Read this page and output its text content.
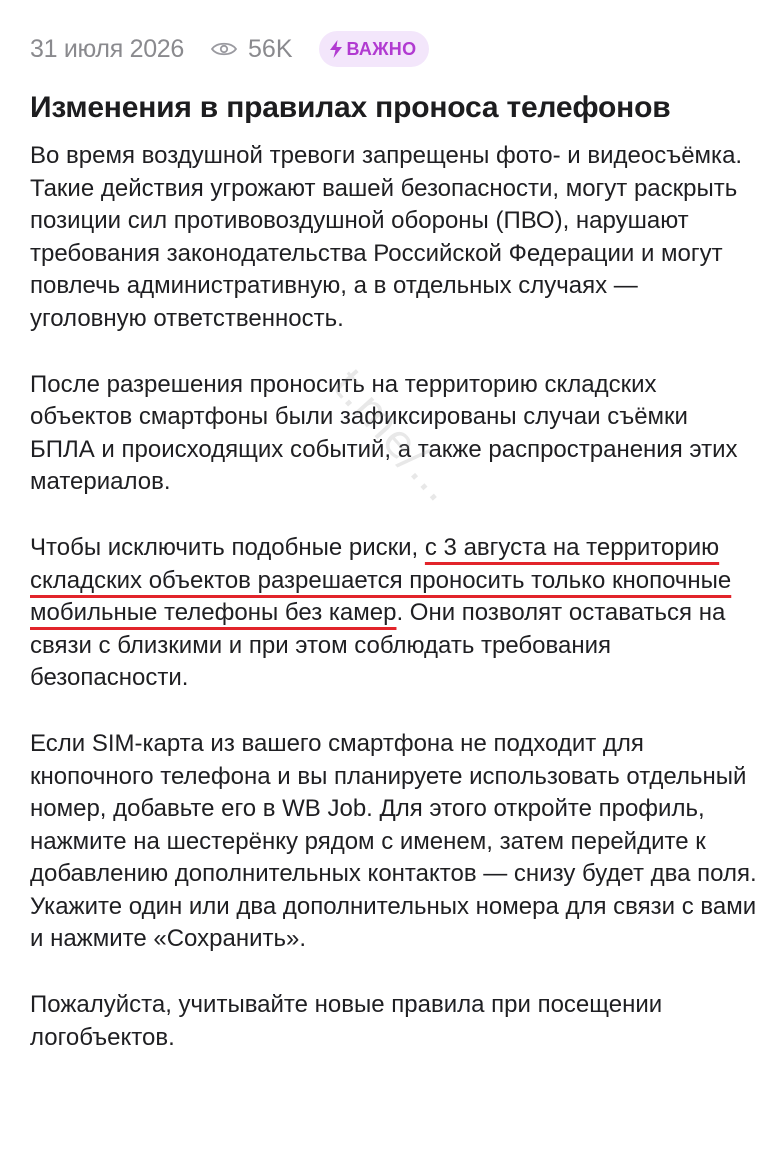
31 июля 2026	56K	ВАЖНО
Изменения в правилах проноса телефонов

Во время воздушной тревоги запрещены фото- и видеосъёмка. Такие действия угрожают вашей безопасности, могут раскрыть позиции сил противовоздушной обороны (ПВО), нарушают требования законодательства Российской Федерации и могут повлечь административную, а в отдельных случаях — уголовную ответственность.

После разрешения проносить на территорию складских объектов смартфоны были зафиксированы случаи съёмки БПЛА и происходящих событий, а также распространения этих материалов.

Чтобы исключить подобные риски, с 3 августа на территорию складских объектов разрешается проносить только кнопочные мобильные телефоны без камер. Они позволят оставаться на связи с близкими и при этом соблюдать требования безопасности.

Если SIM-карта из вашего смартфона не подходит для кнопочного телефона и вы планируете использовать отдельный номер, добавьте его в WB Job. Для этого откройте профиль, нажмите на шестерёнку рядом с именем, затем перейдите к добавлению дополнительных контактов — снизу будет два поля. Укажите один или два дополнительных номера для связи с вами и нажмите «Сохранить».

Пожалуйста, учитывайте новые правила при посещении логобъектов.

t.me/...
